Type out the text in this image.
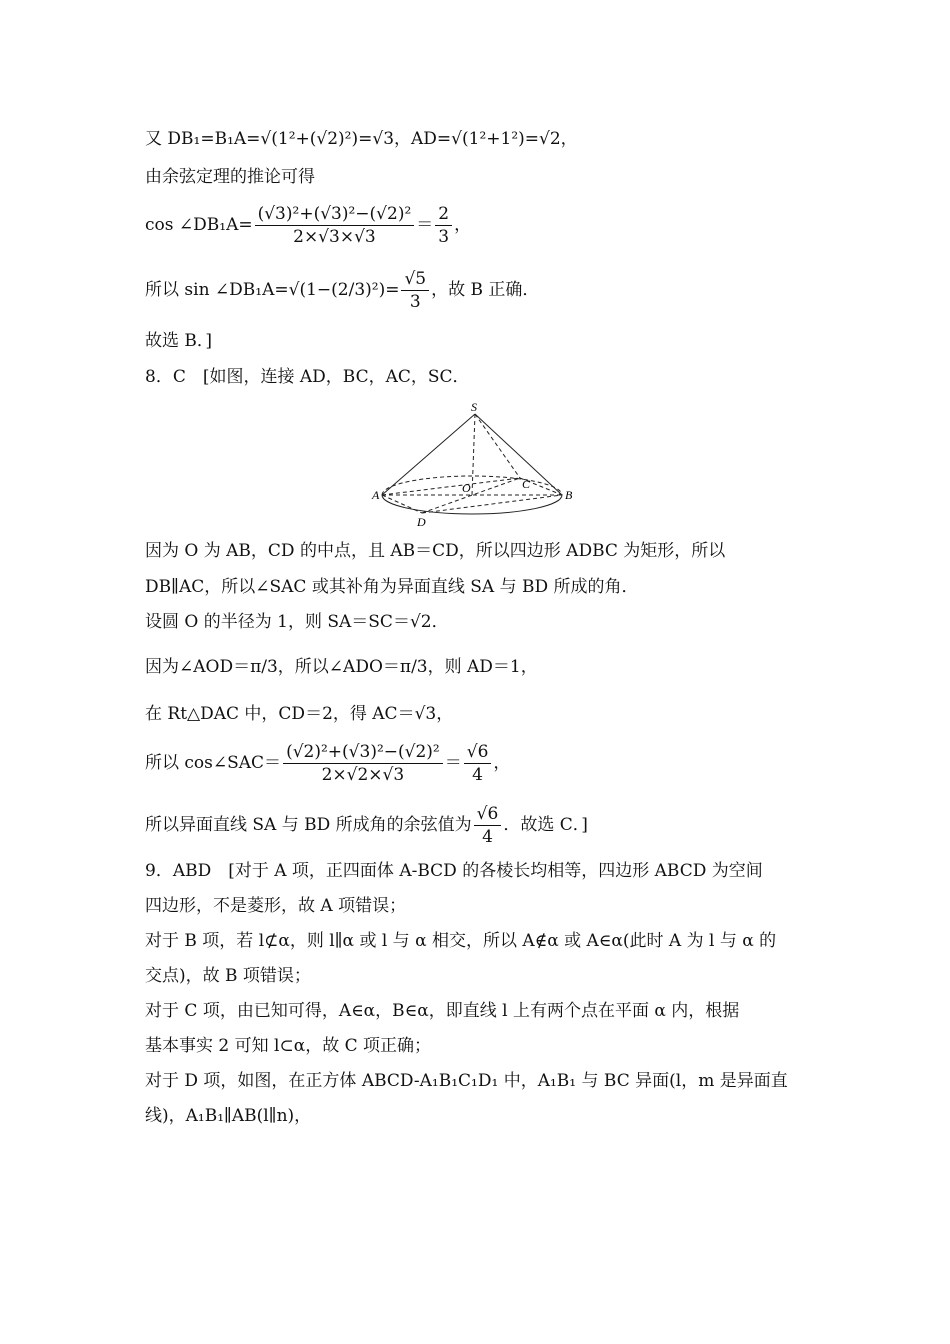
又 DB₁=B₁A=√(1²+(√2)²)=√3，AD=√(1²+1²)=√2，
由余弦定理的推论可得
cos ∠DB₁A= $\frac{\text{(√3)²+(√3)²−(√2)²}}{2\times√3\times√3} = \frac{2}{3}$ ，
所以 sin ∠DB₁A=√(1−(2/3)²)= $\frac{√5}{3}$ ，故 B 正确．
故选 B．]
8．C　[如图，连接 AD，BC，AC，SC．
S
A	B
O	C
D
因为 O 为 AB，CD 的中点，且 AB＝CD，所以四边形 ADBC 为矩形，所以
DB∥AC，所以∠SAC 或其补角为异面直线 SA 与 BD 所成的角．
设圆 O 的半径为 1，则 SA＝SC＝√2．
因为∠AOD＝π/3，所以∠ADO＝π/3，则 AD＝1，
在 Rt△DAC 中，CD＝2，得 AC＝√3，
所以 cos∠SAC＝ $\frac{\text{(√2)²+(√3)²−(√2)²}}{2\times√2\times√3} = \frac{√6}{4}$ ，
所以异面直线 SA 与 BD 所成角的余弦值为 $\frac{√6}{4}$ ．故选 C．]
9．ABD　[对于 A 项，正四面体 A-BCD 的各棱长均相等，四边形 ABCD 为空间
四边形，不是菱形，故 A 项错误；
对于 B 项，若 l⊄α，则 l∥α 或 l 与 α 相交，所以 A∉α 或 A∈α(此时 A 为 l 与 α 的
交点)，故 B 项错误；
对于 C 项，由已知可得，A∈α，B∈α，即直线 l 上有两个点在平面 α 内，根据
基本事实 2 可知 l⊂α，故 C 项正确；
对于 D 项，如图，在正方体 ABCD-A₁B₁C₁D₁ 中，A₁B₁ 与 BC 异面(l，m 是异面直
线)，A₁B₁∥AB(l∥n)，
